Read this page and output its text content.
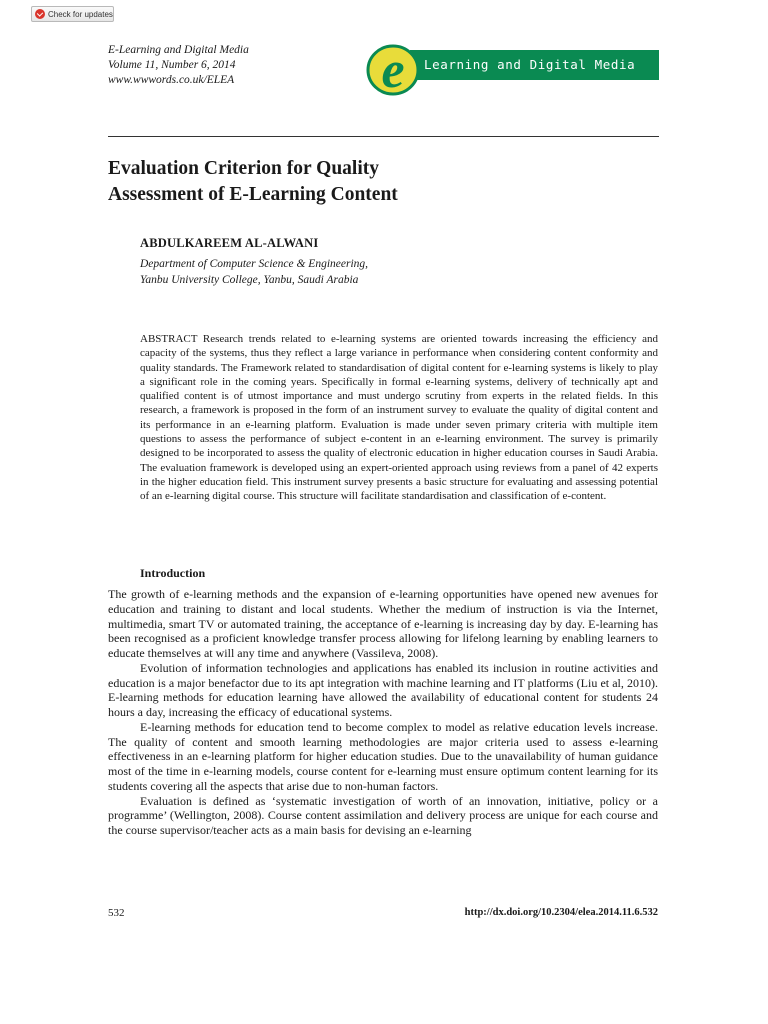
Check for updates
E-Learning and Digital Media
Volume 11, Number 6, 2014
www.wwwords.co.uk/ELEA
Learning and Digital Media
e
Evaluation Criterion for Quality
Assessment of E-Learning Content
ABDULKAREEM AL-ALWANI
Department of Computer Science & Engineering,
Yanbu University College, Yanbu, Saudi Arabia

ABSTRACT Research trends related to e-learning systems are oriented towards increasing the efficiency and capacity of the systems, thus they reflect a large variance in performance when considering content conformity and quality standards. The Framework related to standardisation of digital content for e-learning systems is likely to play a significant role in the coming years. Specifically in formal e-learning systems, delivery of technically apt and qualified content is of utmost importance and must undergo scrutiny from experts in the related fields. In this research, a framework is proposed in the form of an instrument survey to evaluate the quality of digital content and its performance in an e-learning platform. Evaluation is made under seven primary criteria with multiple item questions to assess the performance of subject e-content in an e-learning environment. The survey is primarily designed to be incorporated to assess the quality of electronic education in higher education courses in Saudi Arabia. The evaluation framework is developed using an expert-oriented approach using reviews from a panel of 42 experts in the higher education field. This instrument survey presents a basic structure for evaluating and assessing potential of an e-learning digital course. This structure will facilitate standardisation and classification of e-content.

Introduction

The growth of e-learning methods and the expansion of e-learning opportunities have opened new avenues for education and training to distant and local students. Whether the medium of instruction is via the Internet, multimedia, smart TV or automated training, the acceptance of e-learning is increasing day by day. E-learning has been recognised as a proficient knowledge transfer process allowing for lifelong learning by enabling learners to educate themselves at will any time and anywhere (Vassileva, 2008).

Evolution of information technologies and applications has enabled its inclusion in routine activities and education is a major benefactor due to its apt integration with machine learning and IT platforms (Liu et al, 2010). E-learning methods for education learning have allowed the availability of educational content for students 24 hours a day, increasing the efficacy of educational systems.

E-learning methods for education tend to become complex to model as relative education levels increase. The quality of content and smooth learning methodologies are major criteria used to assess e-learning effectiveness in an e-learning platform for higher education studies. Due to the unavailability of human guidance most of the time in e-learning models, course content for e-learning must ensure optimum content learning for its students covering all the aspects that arise due to non-human factors.

Evaluation is defined as ‘systematic investigation of worth of an innovation, initiative, policy or a programme’ (Wellington, 2008). Course content assimilation and delivery process are unique for each course and the course supervisor/teacher acts as a main basis for devising an e-learning

532	http://dx.doi.org/10.2304/elea.2014.11.6.532
